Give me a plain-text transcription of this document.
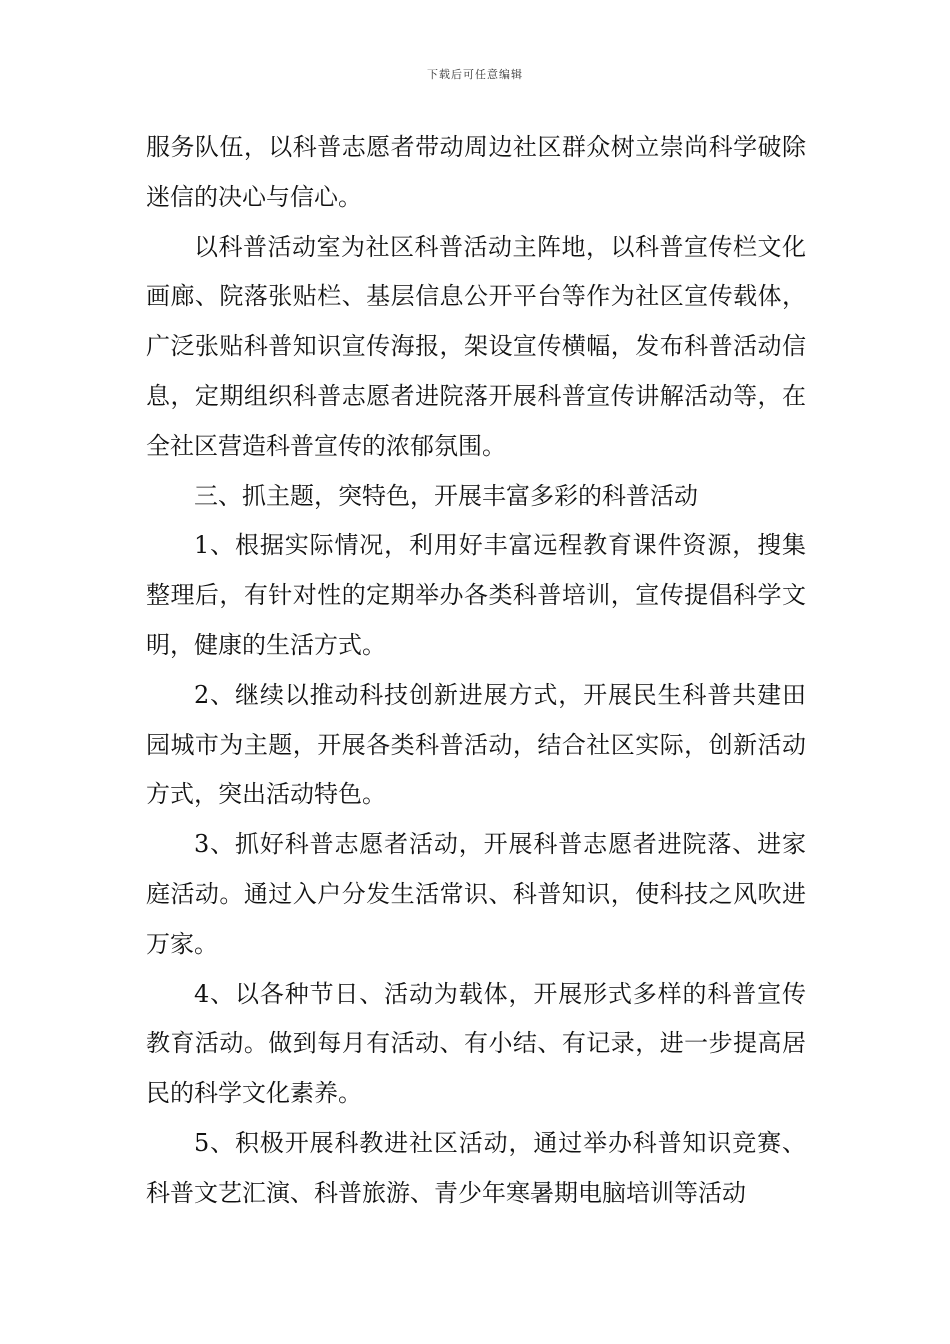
下载后可任意编辑

服务队伍，以科普志愿者带动周边社区群众树立崇尚科学破除迷信的决心与信心。

以科普活动室为社区科普活动主阵地，以科普宣传栏文化画廊、院落张贴栏、基层信息公开平台等作为社区宣传载体，广泛张贴科普知识宣传海报，架设宣传横幅，发布科普活动信息，定期组织科普志愿者进院落开展科普宣传讲解活动等，在全社区营造科普宣传的浓郁氛围。

三、抓主题，突特色，开展丰富多彩的科普活动

1、根据实际情况，利用好丰富远程教育课件资源，搜集整理后，有针对性的定期举办各类科普培训，宣传提倡科学文明，健康的生活方式。

2、继续以推动科技创新进展方式，开展民生科普共建田园城市为主题，开展各类科普活动，结合社区实际，创新活动方式，突出活动特色。

3、抓好科普志愿者活动，开展科普志愿者进院落、进家庭活动。通过入户分发生活常识、科普知识，使科技之风吹进万家。

4、以各种节日、活动为载体，开展形式多样的科普宣传教育活动。做到每月有活动、有小结、有记录，进一步提高居民的科学文化素养。

5、积极开展科教进社区活动，通过举办科普知识竞赛、科普文艺汇演、科普旅游、青少年寒暑期电脑培训等活动
